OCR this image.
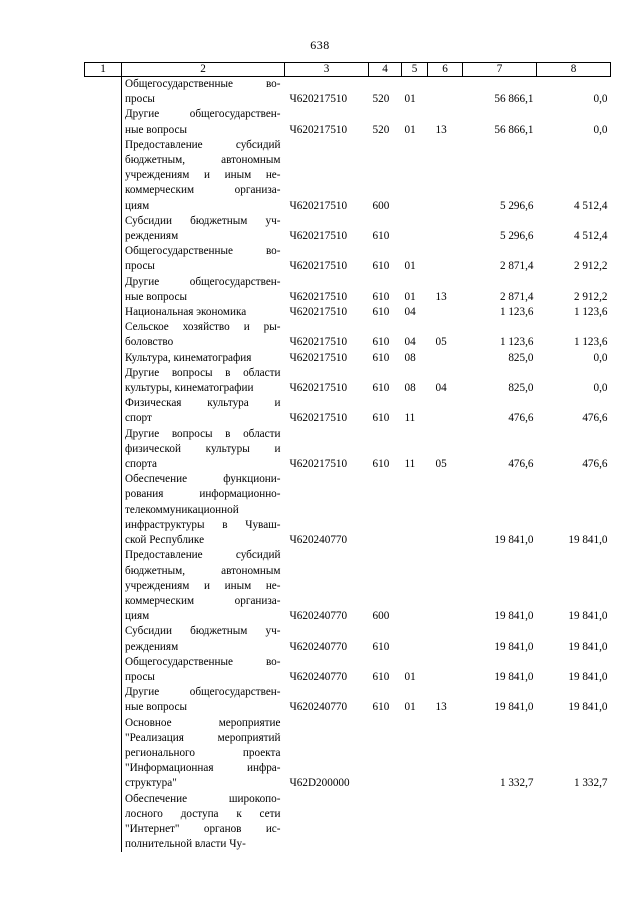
638
1	2	3	4	5	6	7	8

	Общегосударственные во-
просы	Ч620217510	520	01		56 866,1	0,0

	Другие общегосударствен-
ные вопросы	Ч620217510	520	01	13	56 866,1	0,0

	Предоставление субсидий
бюджетным, автономным
учреждениям и иным не-
коммерческим организа-
циям	Ч620217510	600			5 296,6	4 512,4

	Субсидии бюджетным уч-
реждениям	Ч620217510	610			5 296,6	4 512,4

	Общегосударственные во-
просы	Ч620217510	610	01		2 871,4	2 912,2

	Другие общегосударствен-
ные вопросы	Ч620217510	610	01	13	2 871,4	2 912,2

	Национальная экономика	Ч620217510	610	04		1 123,6	1 123,6

	Сельское хозяйство и ры-
боловство	Ч620217510	610	04	05	1 123,6	1 123,6

	Культура, кинематография	Ч620217510	610	08		825,0	0,0

	Другие вопросы в области
культуры, кинематографии	Ч620217510	610	08	04	825,0	0,0

	Физическая культура и
спорт	Ч620217510	610	11		476,6	476,6

	Другие вопросы в области
физической культуры и
спорта	Ч620217510	610	11	05	476,6	476,6

	Обеспечение функциони-
рования информационно-
телекоммуникационной
инфраструктуры в Чуваш-
ской Республике	Ч620240770				19 841,0	19 841,0

	Предоставление субсидий
бюджетным, автономным
учреждениям и иным не-
коммерческим организа-
циям	Ч620240770	600			19 841,0	19 841,0

	Субсидии бюджетным уч-
реждениям	Ч620240770	610			19 841,0	19 841,0

	Общегосударственные во-
просы	Ч620240770	610	01		19 841,0	19 841,0

	Другие общегосударствен-
ные вопросы	Ч620240770	610	01	13	19 841,0	19 841,0

	Основное мероприятие
"Реализация мероприятий
регионального проекта
"Информационная инфра-
структура"	Ч62D200000				1 332,7	1 332,7

	Обеспечение широкопо-
лосного доступа к сети
"Интернет" органов ис-
полнительной власти Чу-						
